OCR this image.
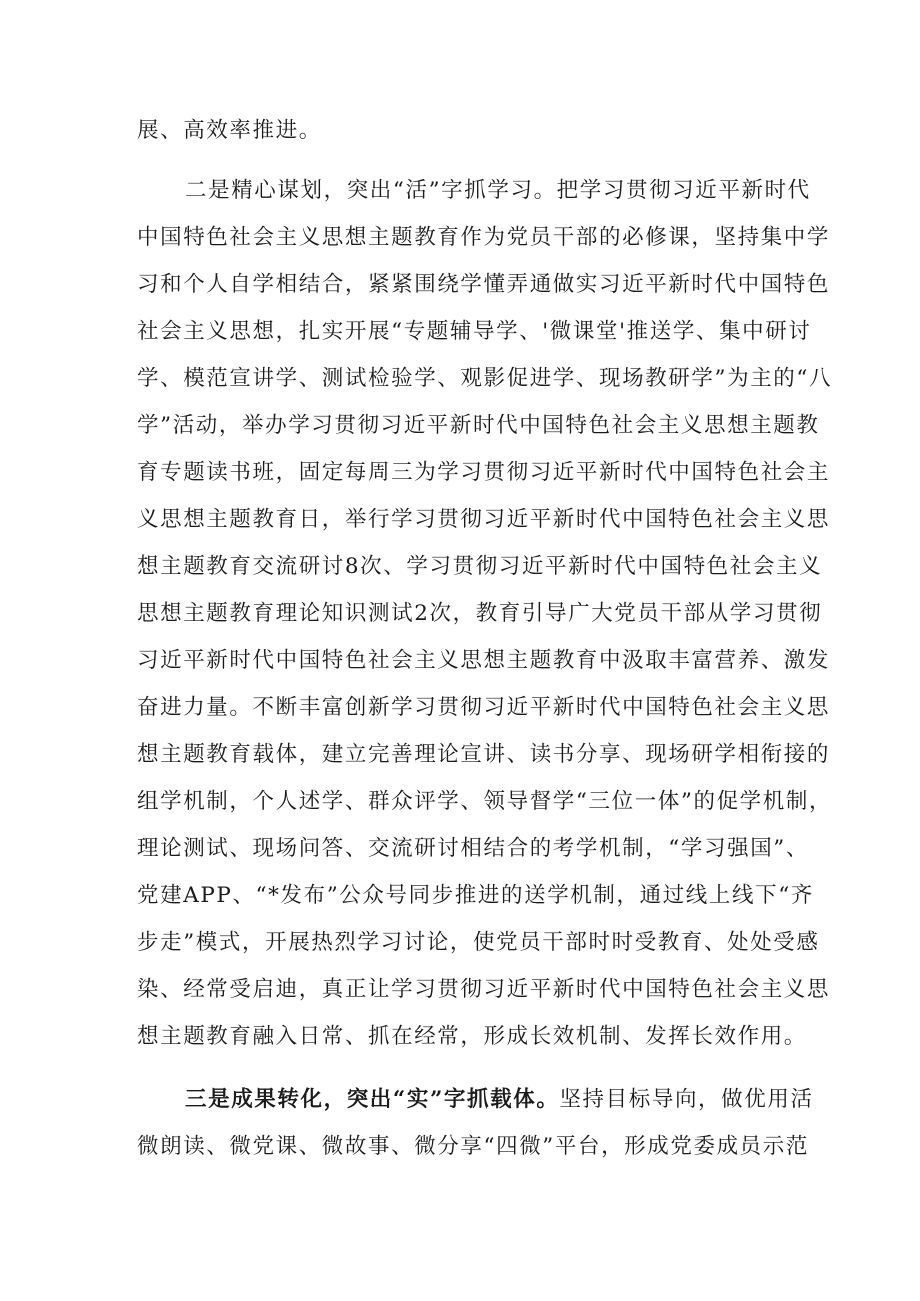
展、高效率推进。
二是精心谋划，突出“活”字抓学习。把学习贯彻习近平新时代
中国特色社会主义思想主题教育作为党员干部的必修课，坚持集中学
习和个人自学相结合，紧紧围绕学懂弄通做实习近平新时代中国特色
社会主义思想，扎实开展“专题辅导学、'微课堂'推送学、集中研讨
学、模范宣讲学、测试检验学、观影促进学、现场教研学”为主的“八
学”活动，举办学习贯彻习近平新时代中国特色社会主义思想主题教
育专题读书班，固定每周三为学习贯彻习近平新时代中国特色社会主
义思想主题教育日，举行学习贯彻习近平新时代中国特色社会主义思
想主题教育交流研讨8次、学习贯彻习近平新时代中国特色社会主义
思想主题教育理论知识测试2次，教育引导广大党员干部从学习贯彻
习近平新时代中国特色社会主义思想主题教育中汲取丰富营养、激发
奋进力量。不断丰富创新学习贯彻习近平新时代中国特色社会主义思
想主题教育载体，建立完善理论宣讲、读书分享、现场研学相衔接的
组学机制，个人述学、群众评学、领导督学“三位一体”的促学机制，
理论测试、现场问答、交流研讨相结合的考学机制，“学习强国”、
党建APP、“*发布”公众号同步推进的送学机制，通过线上线下“齐
步走”模式，开展热烈学习讨论，使党员干部时时受教育、处处受感
染、经常受启迪，真正让学习贯彻习近平新时代中国特色社会主义思
想主题教育融入日常、抓在经常，形成长效机制、发挥长效作用。
三是成果转化，突出“实”字抓载体。坚持目标导向，做优用活
微朗读、微党课、微故事、微分享“四微”平台，形成党委成员示范
